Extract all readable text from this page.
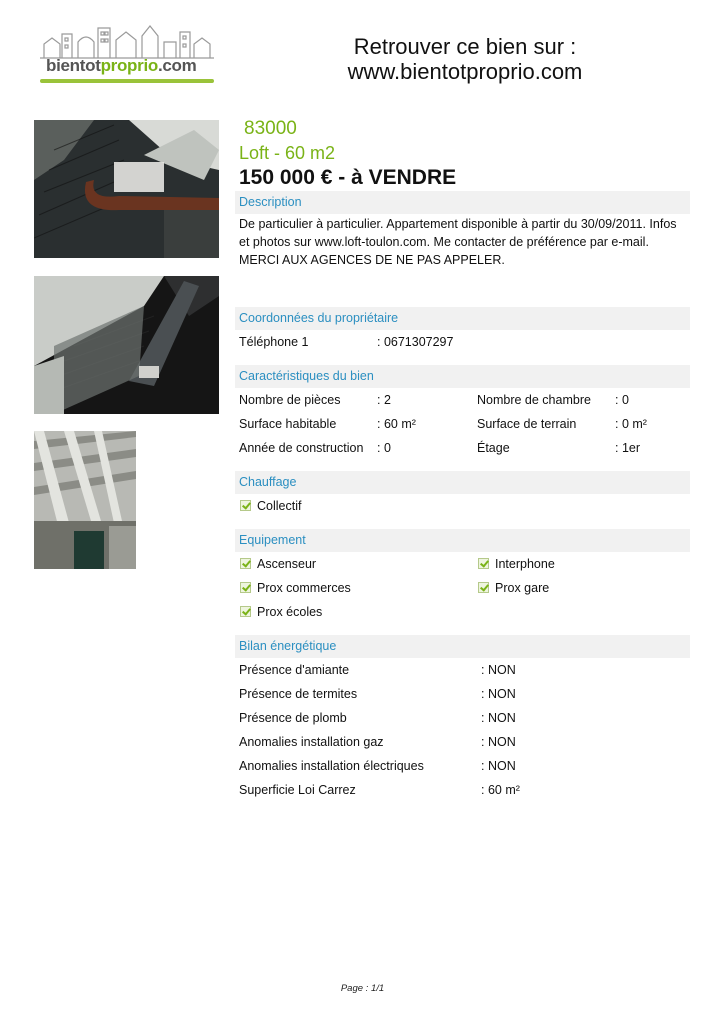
bientotproprio.com
Retrouver ce bien sur :
www.bientotproprio.com
83000
Loft - 60 m2
150 000 € - à VENDRE
Description
De particulier à particulier. Appartement disponible à partir du 30/09/2011. Infos et photos sur www.loft-toulon.com. Me contacter de préférence par e-mail. MERCI AUX AGENCES DE NE PAS APPELER.
Coordonnées du propriétaire
Téléphone 1	: 0671307297
Caractéristiques du bien
Nombre de pièces	: 2	Nombre de chambre : 0
Surface habitable	: 60 m²	Surface de terrain	: 0 m²
Année de construction : 0	Étage	: 1er
Chauffage
Collectif
Equipement
Ascenseur	Interphone
Prox commerces	Prox gare
Prox écoles
Bilan énergétique
Présence d'amiante	: NON
Présence de termites	: NON
Présence de plomb	: NON
Anomalies installation gaz	: NON
Anomalies installation électriques	: NON
Superficie Loi Carrez	: 60 m²
Page : 1/1
